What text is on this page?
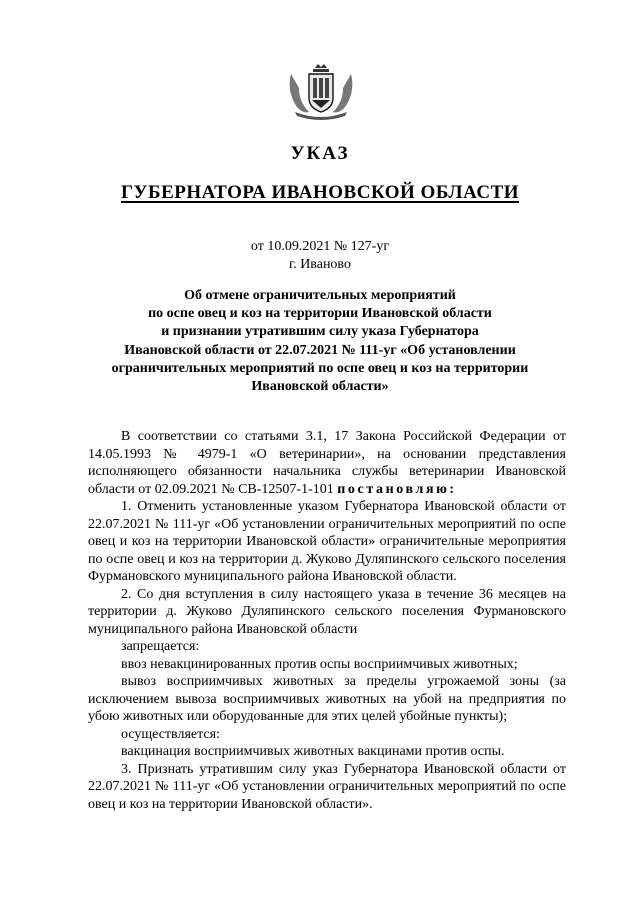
УКАЗ
ГУБЕРНАТОРА ИВАНОВСКОЙ ОБЛАСТИ
от 10.09.2021 № 127-уг
г. Иваново
Об отмене ограничительных мероприятий
по оспе овец и коз на территории Ивановской области
и признании утратившим силу указа Губернатора
Ивановской области от 22.07.2021 № 111-уг «Об установлении
ограничительных мероприятий по оспе овец и коз на территории
Ивановской области»

В соответствии со статьями 3.1, 17 Закона Российской Федерации от 14.05.1993 № 4979-1 «О ветеринарии», на основании представления исполняющего обязанности начальника службы ветеринарии Ивановской области от 02.09.2021 № СВ-12507-1-101 постановляю:

1. Отменить установленные указом Губернатора Ивановской области от 22.07.2021 № 111-уг «Об установлении ограничительных мероприятий по оспе овец и коз на территории Ивановской области» ограничительные мероприятия по оспе овец и коз на территории д. Жуково Дуляпинского сельского поселения Фурмановского муниципального района Ивановской области.

2. Со дня вступления в силу настоящего указа в течение 36 месяцев на территории д. Жуково Дуляпинского сельского поселения Фурмановского муниципального района Ивановской области

запрещается:

ввоз невакцинированных против оспы восприимчивых животных;

вывоз восприимчивых животных за пределы угрожаемой зоны (за исключением вывоза восприимчивых животных на убой на предприятия по убою животных или оборудованные для этих целей убойные пункты);

осуществляется:

вакцинация восприимчивых животных вакцинами против оспы.

3. Признать утратившим силу указ Губернатора Ивановской области от 22.07.2021 № 111-уг «Об установлении ограничительных мероприятий по оспе овец и коз на территории Ивановской области».
